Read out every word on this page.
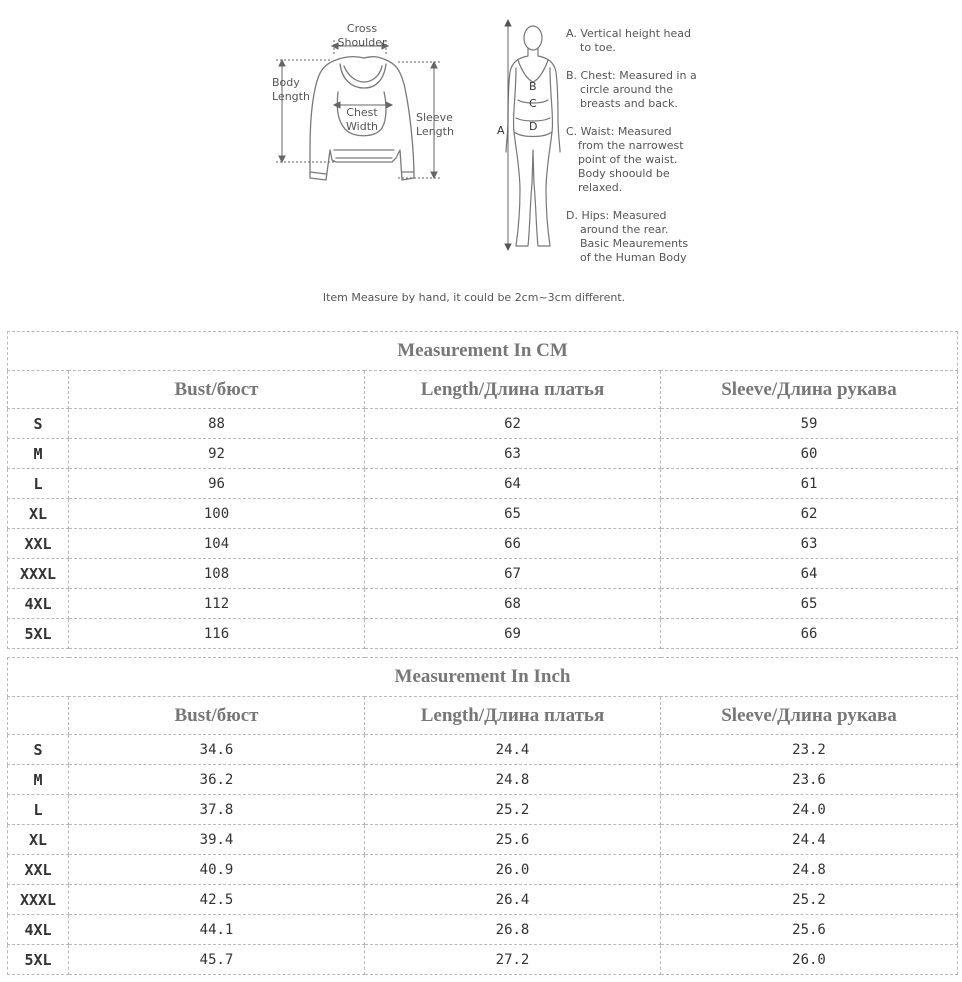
Cross
Shoulder
Body
Length
Chest
Width
Sleeve
Length	A
B
C
D
A. Vertical height head
to toe.
B. Chest: Measured in a
circle around the
breasts and back.
C. Waist: Measured
from the narrowest
point of the waist.
Body shoould be
relaxed.
D. Hips: Measured
around the rear.
Basic Meaurements
of the Human Body
Item Measure by hand, it could be 2cm~3cm different.
Measurement In CM			
	Bust/бюст	Length/Длина платья	Sleeve/Длина рукава
S	88	62	59
M	92	63	60
L	96	64	61
XL	100	65	62
XXL	104	66	63
XXXL	108	67	64
4XL	112	68	65
5XL	116	69	66
Measurement In Inch			
	Bust/бюст	Length/Длина платья	Sleeve/Длина рукава
S	34.6	24.4	23.2
M	36.2	24.8	23.6
L	37.8	25.2	24.0
XL	39.4	25.6	24.4
XXL	40.9	26.0	24.8
XXXL	42.5	26.4	25.2
4XL	44.1	26.8	25.6
5XL	45.7	27.2	26.0
